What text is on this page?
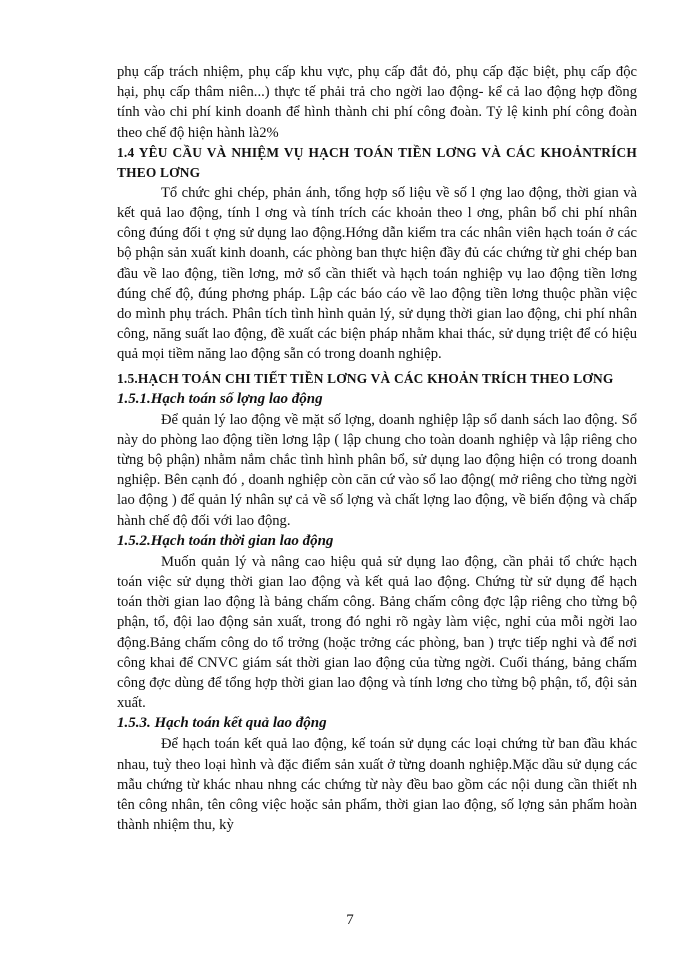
phụ cấp trách nhiệm, phụ cấp khu vực, phụ cấp đắt đỏ, phụ cấp đặc biệt, phụ cấp độc hại, phụ cấp thâm niên...) thực tế phải trả cho ngời lao động- kể cả lao động hợp đồng tính vào chi phí kinh doanh để hình thành chi phí công đoàn. Tỷ lệ kinh phí công đoàn theo chế độ hiện hành là2%

1.4 YÊU CẦU VÀ NHIỆM VỤ HẠCH TOÁN TIỀN LƠNG VÀ CÁC KHOẢNTRÍCH THEO LƠNG

Tổ chức ghi chép, phản ánh, tổng hợp số liệu về số l ợng lao động, thời gian và kết quả lao động, tính l ơng và tính trích các khoản theo l ơng, phân bổ chi phí nhân công đúng đối t ợng sử dụng lao động.Hớng dẫn kiểm tra các nhân viên hạch toán ở các bộ phận sản xuất kinh doanh, các phòng ban thực hiện đầy đủ các chứng từ ghi chép ban đầu về lao động, tiền lơng, mở sổ cần thiết và hạch toán nghiệp vụ lao động tiền lơng đúng chế độ, đúng phơng pháp. Lập các báo cáo về lao động tiền lơng thuộc phần việc do mình phụ trách. Phân tích tình hình quản lý, sử dụng thời gian lao động, chi phí nhân công, năng suất lao động, đề xuất các biện pháp nhằm khai thác, sử dụng triệt để có hiệu quả mọi tiềm năng lao động sẵn có trong doanh nghiệp.

1.5.HẠCH TOÁN CHI TIẾT TIỀN LƠNG VÀ CÁC KHOẢN TRÍCH THEO LƠNG

1.5.1.Hạch toán số lợng lao động

Để quản lý lao động về mặt số lợng, doanh nghiệp lập sổ danh sách lao động. Sổ này do phòng lao động tiền lơng lập ( lập chung cho toàn doanh nghiệp và lập riêng cho từng bộ phận) nhằm nắm chắc tình hình phân bổ, sử dụng lao động hiện có trong doanh nghiệp. Bên cạnh đó , doanh nghiệp còn căn cứ vào sổ lao động( mở riêng cho từng ngời lao động ) để quản lý nhân sự cả về số lợng và chất lợng lao động, về biến động và chấp hành chế độ đối với lao động.

1.5.2.Hạch toán thời gian lao động

Muốn quản lý và nâng cao hiệu quả sử dụng lao động, cần phải tổ chức hạch toán việc sử dụng thời gian lao động và kết quả lao động. Chứng từ sử dụng để hạch toán thời gian lao động là bảng chấm công. Bảng chấm công đợc lập riêng cho từng bộ phận, tổ, đội lao động sản xuất, trong đó nghi rõ ngày làm việc, nghỉ của mỗi ngời lao động.Bảng chấm công do tổ trởng (hoặc trởng các phòng, ban ) trực tiếp nghi và để nơi công khai để CNVC giám sát thời gian lao động của từng ngời. Cuối tháng, bảng chấm công đợc dùng để tổng hợp thời gian lao động và tính lơng cho từng bộ phận, tổ, đội sản xuất.

1.5.3. Hạch toán kết quả lao động

Để hạch toán kết quả lao động, kế toán sử dụng các loại chứng từ ban đầu khác nhau, tuỳ theo loại hình và đặc điểm sản xuất ở từng doanh nghiệp.Mặc dầu sử dụng các mẫu chứng từ khác nhau nhng các chứng từ này đều bao gồm các nội dung cần thiết nh tên công nhân, tên công việc hoặc sản phẩm, thời gian lao động, số lợng sản phẩm hoàn thành nhiệm thu, kỳ

7
